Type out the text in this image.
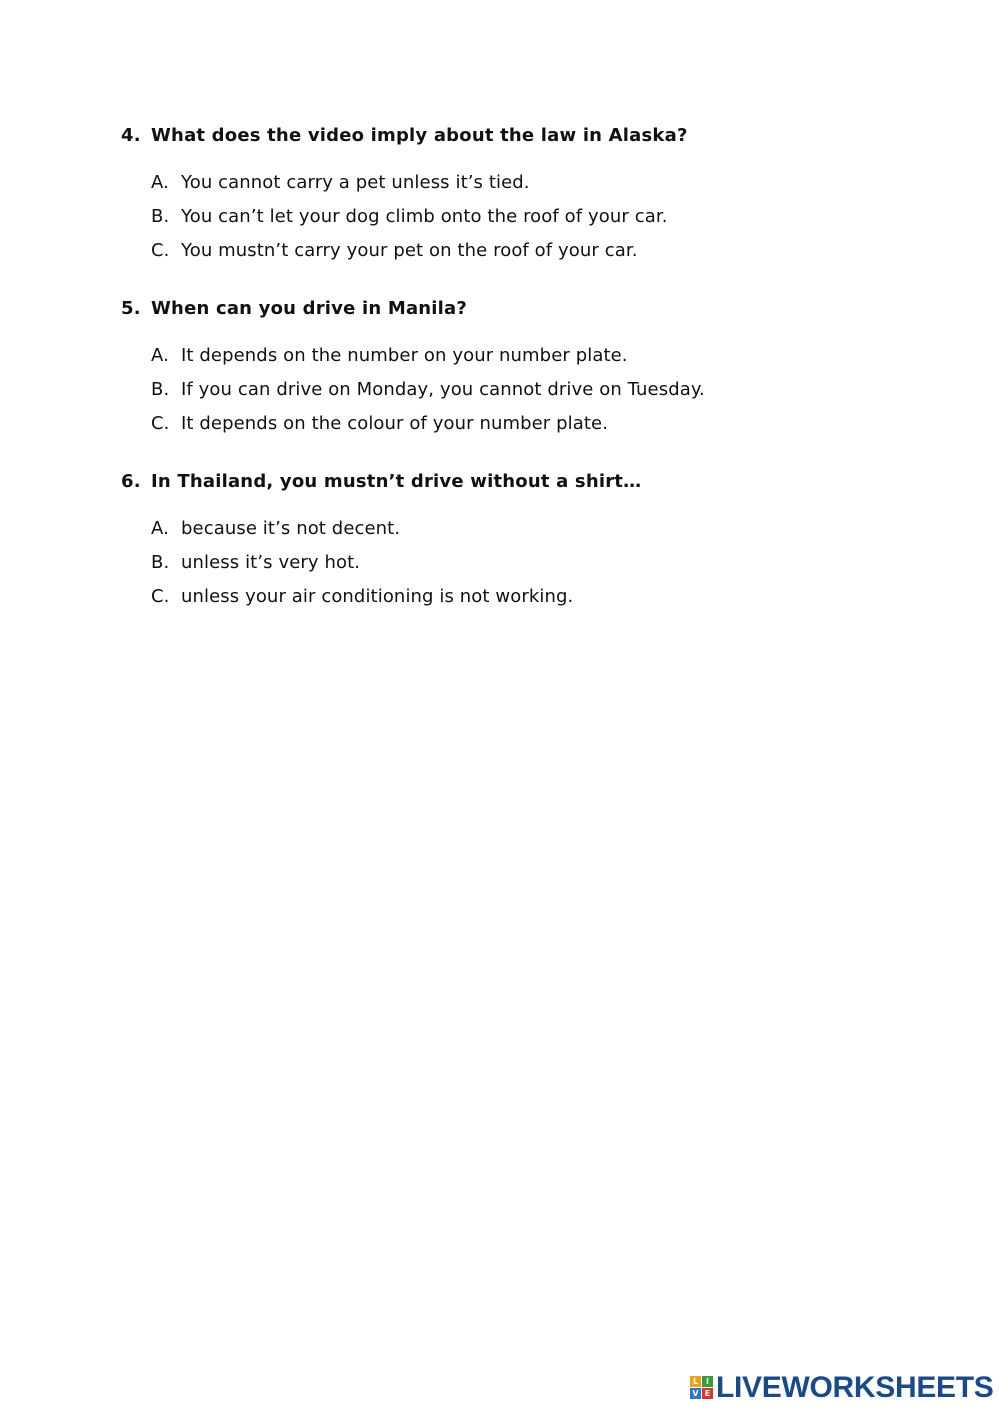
4. What does the video imply about the law in Alaska?
A. You cannot carry a pet unless it’s tied.
B. You can’t let your dog climb onto the roof of your car.
C. You mustn’t carry your pet on the roof of your car.
5. When can you drive in Manila?
A. It depends on the number on your number plate.
B. If you can drive on Monday, you cannot drive on Tuesday.
C. It depends on the colour of your number plate.
6. In Thailand, you mustn’t drive without a shirt…
A. because it’s not decent.
B. unless it’s very hot.
C. unless your air conditioning is not working.
L I
V E LIVEWORKSHEETS
